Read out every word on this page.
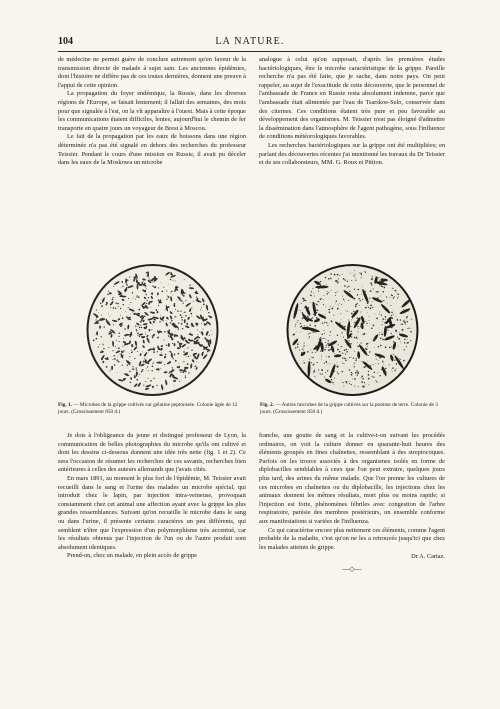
104	LA NATURE.

de médecine ne permet guère de conclure autrement qu'en faveur de la transmission directe de malade à sujet sain. Les anciennes épidémies, dont l'histoire ne diffère pas de ces toutes dernières, donnent une preuve à l'appui de cette opinion.

La propagation du foyer endémique, la Russie, dans les diverses régions de l'Europe, se faisait lentement; il fallait des semaines, des mois pour que signalée à l'est, on la vît apparaître à l'ouest. Mais à cette époque les communications étaient difficiles, lentes; aujourd'hui le chemin de fer transporte en quatre jours un voyageur de Brest à Moscou.

Le fait de la propagation par les eaux de boissons dans une région déterminée n'a pas été signalé en dehors des recherches du professeur Teissier. Pendant le cours d'une mission en Russie, il avait pu déceler dans les eaux de la Moskowa un microbe

analogue à celui qu'on supposait, d'après les premières études bactériologiques, être le microbe caractéristique de la grippe. Pareille recherche n'a pas été faite, que je sache, dans notre pays. On peut rappeler, au sujet de l'exactitude de cette découverte, que le personnel de l'ambassade de France en Russie resta absolument indemne, parce que l'ambassade était alimentée par l'eau de Tsarskoe-Selo, conservée dans des citernes. Ces conditions étaient très pure et peu favorable au développement des organismes. M. Teissier n'est pas éloigné d'admettre la dissémination dans l'atmosphère de l'agent pathogène, sous l'influence de conditions météorologiques favorables.

Les recherches bactériologiques sur la grippe ont été multipliées; en parlant des découvertes récentes j'ai mentionné les travaux du Dr Teissier et de ses collaborateurs, MM. G. Roux et Pittion.

Fig. 1. — Microbes de la grippe cultivés sur gélatine peptonisée. Colonie âgée de 12 jours. (Grossissement 850 d.)
Fig. 2. — Autres microbes de la grippe cultivés sur la pomme de terre. Colonie de 3 jours. (Grossissement 850 d.)

Je dois à l'obligeance du jeune et distingué professeur de Lyon, la communication de belles photographies du microbe qu'ils ont cultivé et dont les dessins ci-dessous donnent une idée très nette (fig. 1 et 2). Ce sera l'occasion de résumer les recherches de ces savants, recherches bien antérieures à celles des auteurs allemands que j'avais cités.

En mars 1891, au moment le plus fort de l'épidémie, M. Teissier avait recueilli dans le sang et l'urine des malades un microbe spécial, qui introduit chez le lapin, par injection intra-veineuse, provoquait constamment chez cet animal une affection ayant avec la grippe les plus grandes ressemblances. Suivant qu'on recueille le microbe dans le sang ou dans l'urine, il présente certains caractères un peu différents, qui semblent n'être que l'expression d'un polymorphisme très accentué, car les résultats obtenus par l'injection de l'un ou de l'autre produit sont absolument identiques.

Prend-on, chez un malade, en plein accès de grippe

franche, une goutte de sang et la cultive-t-on suivant les procédés ordinaires, on voit la culture donner en quarante-huit heures des éléments groupés en fines chaînettes, ressemblant à des streptocoques. Parfois on les trouve associés à des organismes isolés en forme de diplobacilles semblables à ceux que l'on peut extraire, quelques jours plus tard, des urines du même malade. Que l'on prenne les cultures de ces microbes en chaînettes ou du diplobacille, les injections chez les animaux donnent les mêmes résultats, mort plus ou moins rapide; si l'injection est forte, phénomènes fébriles avec congestion de l'arbre respiratoire, parésie des membres postérieurs, un ensemble conforme aux manifestations si variées de l'influenza.

Ce qui caractérise encore plus nettement ces éléments, comme l'agent probable de la maladie, c'est qu'on ne les a retrouvés jusqu'ici que chez les malades atteints de grippe.

Dr A. Cartaz.
—◇—
